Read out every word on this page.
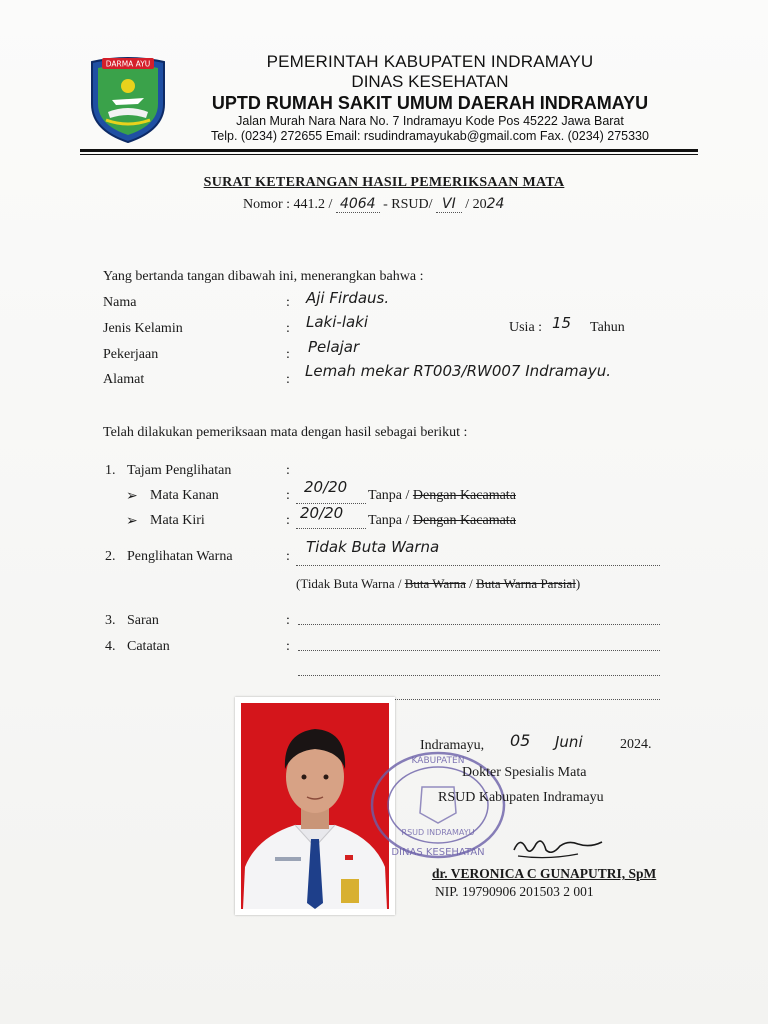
DARMA AYU	PEMERINTAH KABUPATEN INDRAMAYU
DINAS KESEHATAN
UPTD RUMAH SAKIT UMUM DAERAH INDRAMAYU
Jalan Murah Nara Nara No. 7 Indramayu Kode Pos 45222 Jawa Barat
Telp. (0234) 272655 Email: rsudindramayukab@gmail.com Fax. (0234) 275330
SURAT KETERANGAN HASIL PEMERIKSAAN MATA
Nomor : 441.2 / 4064 - RSUD/ VI / 2024
Yang bertanda tangan dibawah ini, menerangkan bahwa :
Nama	: Aji Firdaus.
Jenis Kelamin	: Laki-laki	Usia : 15 Tahun
Pekerjaan	: Pelajar
Alamat	: Lemah mekar RT003/RW007 Indramayu.
Telah dilakukan pemeriksaan mata dengan hasil sebagai berikut :
1. Tajam Penglihatan	:
➢ Mata Kanan	: 20/20 Tanpa / Dengan Kacamata
➢ Mata Kiri	: 20/20 Tanpa / Dengan Kacamata
2. Penglihatan Warna	:
Tidak Buta Warna
(Tidak Buta Warna / Buta Warna / Buta Warna Parsial)
3. Saran	:
4. Catatan	:
KABUPATEN
DINAS KESEHATAN
RSUD INDRAMAYU
Indramayu, 05 Juni	2024.
Dokter Spesialis Mata
RSUD Kabupaten Indramayu
dr. VERONICA C GUNAPUTRI, SpM
NIP. 19790906 201503 2 001
